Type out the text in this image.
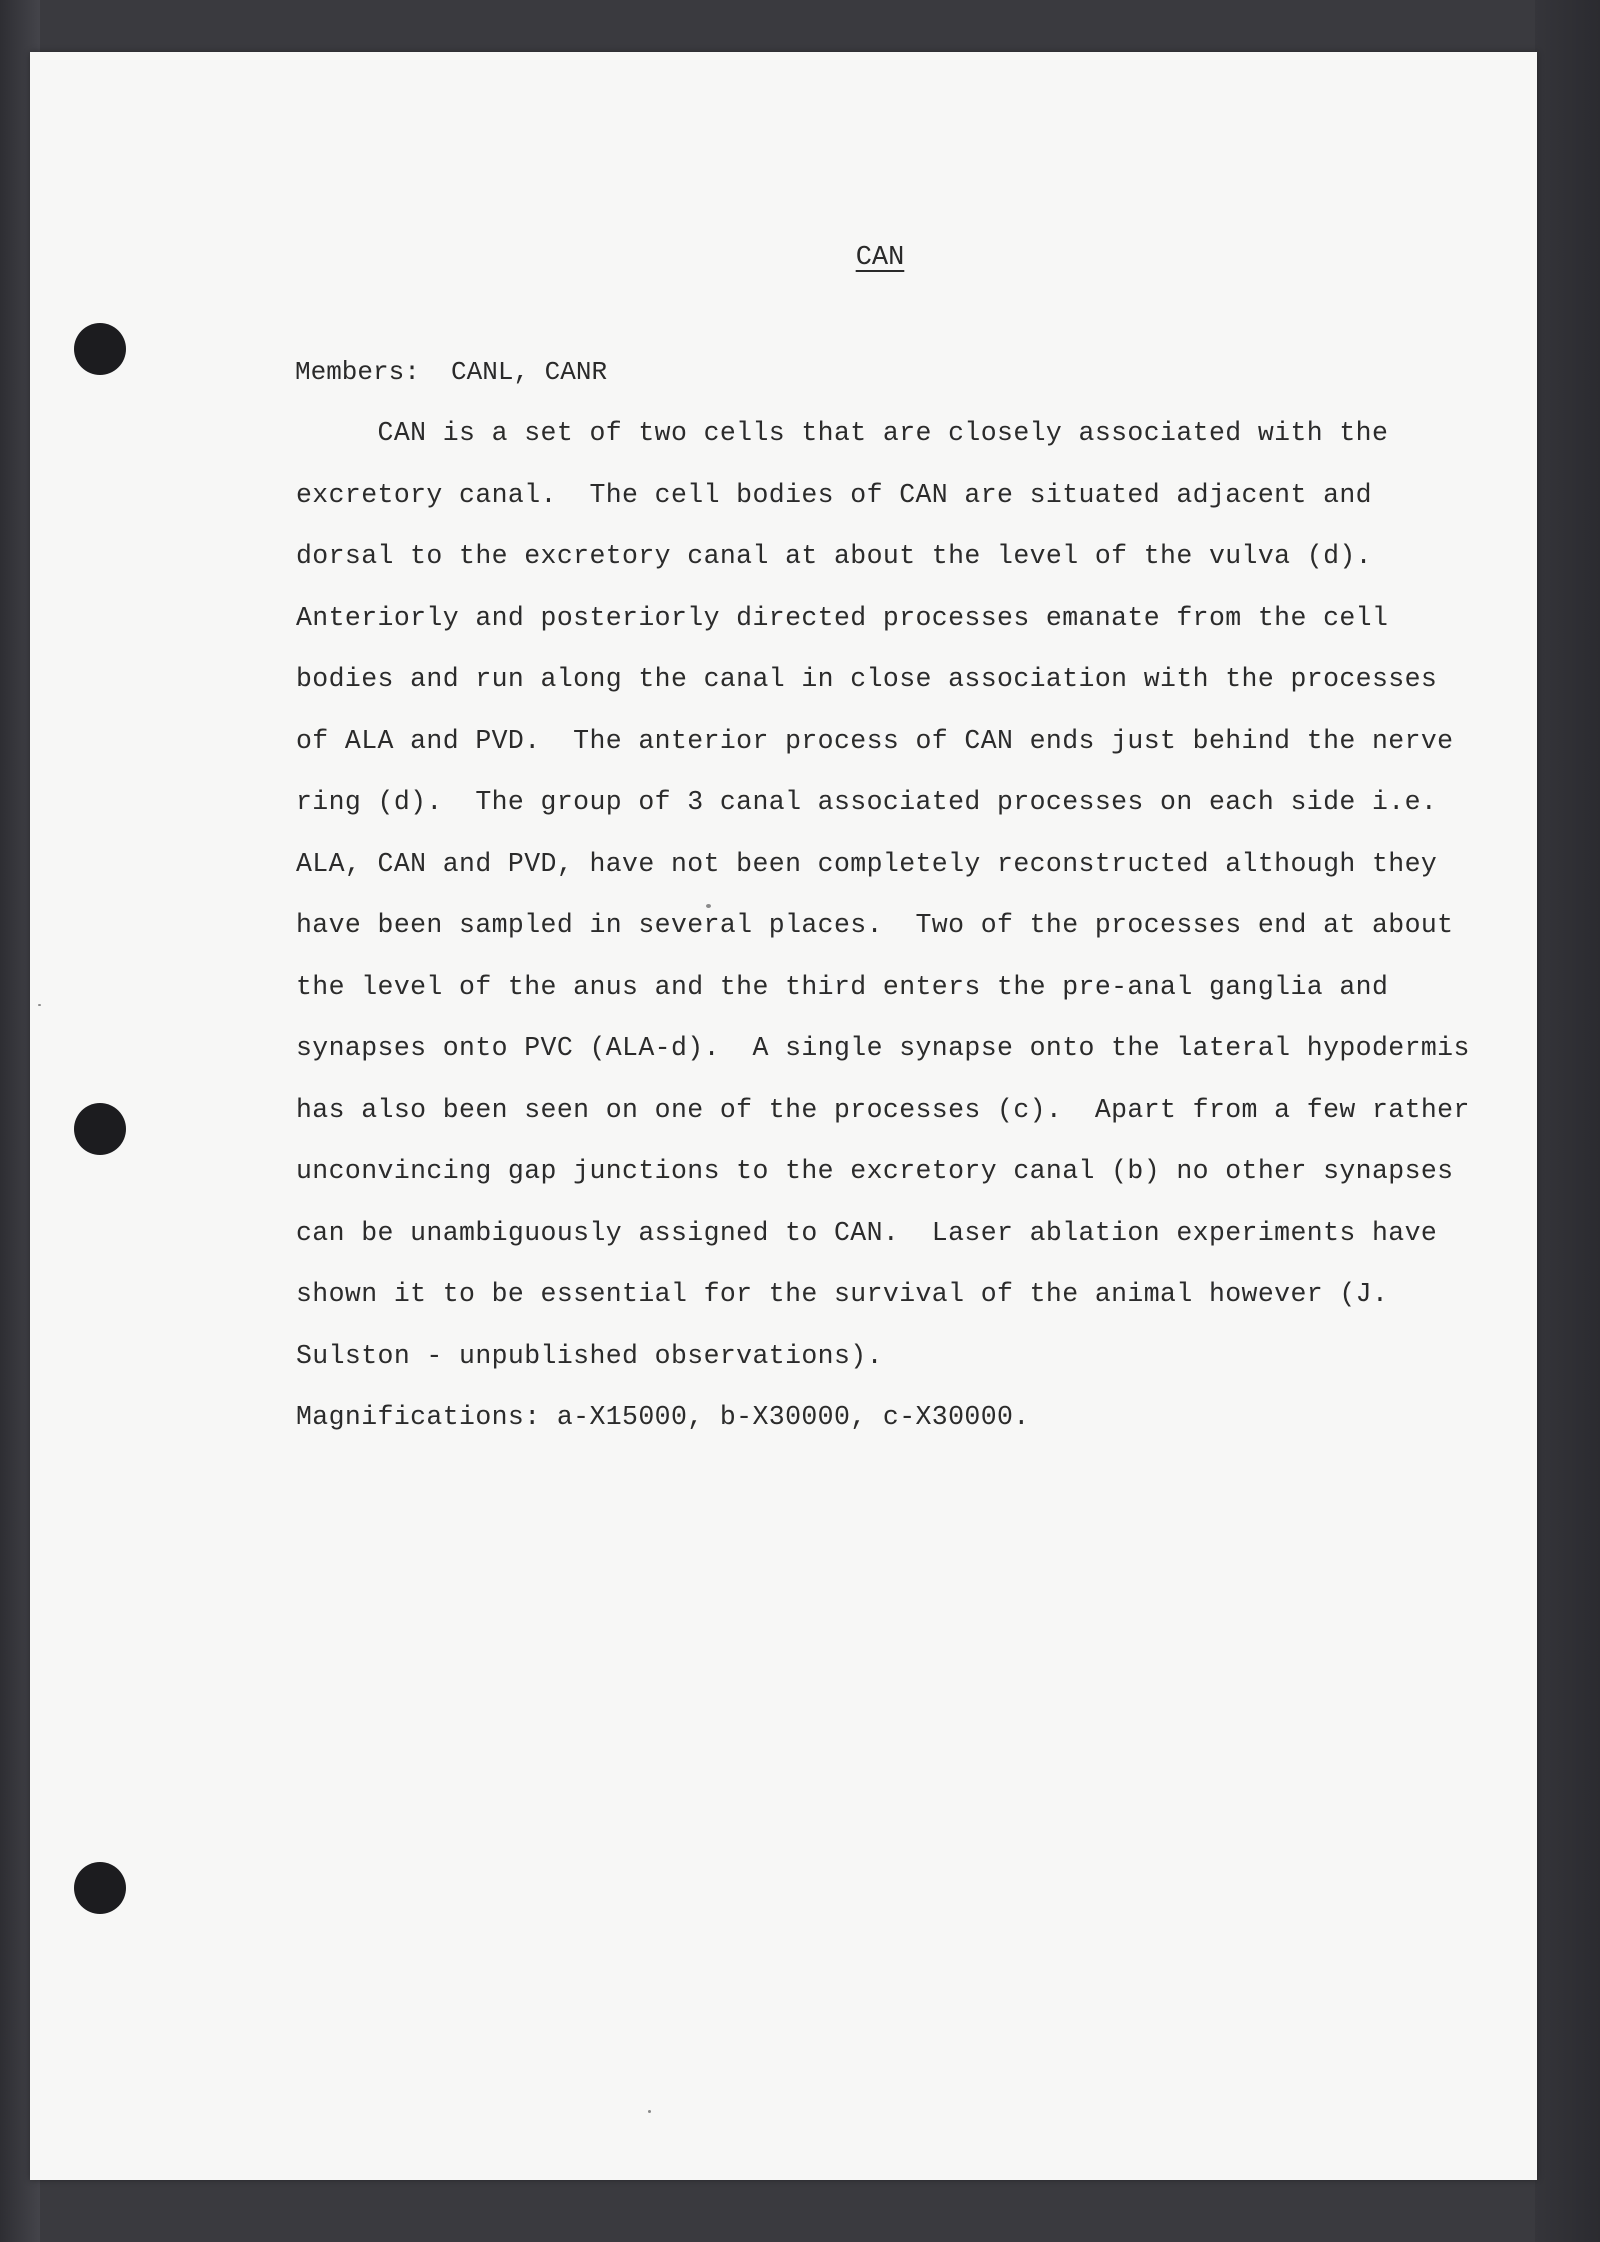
CAN
Members: CANL, CANR
CAN is a set of two cells that are closely associated with the
excretory canal.  The cell bodies of CAN are situated adjacent and
dorsal to the excretory canal at about the level of the vulva (d).
Anteriorly and posteriorly directed processes emanate from the cell
bodies and run along the canal in close association with the processes
of ALA and PVD.  The anterior process of CAN ends just behind the nerve
ring (d).  The group of 3 canal associated processes on each side i.e.
ALA, CAN and PVD, have not been completely reconstructed although they
have been sampled in several places.  Two of the processes end at about
the level of the anus and the third enters the pre-anal ganglia and
synapses onto PVC (ALA-d).  A single synapse onto the lateral hypodermis
has also been seen on one of the processes (c).  Apart from a few rather
unconvincing gap junctions to the excretory canal (b) no other synapses
can be unambiguously assigned to CAN.  Laser ablation experiments have
shown it to be essential for the survival of the animal however (J.
Sulston - unpublished observations).
Magnifications: a-X15000, b-X30000, c-X30000.
